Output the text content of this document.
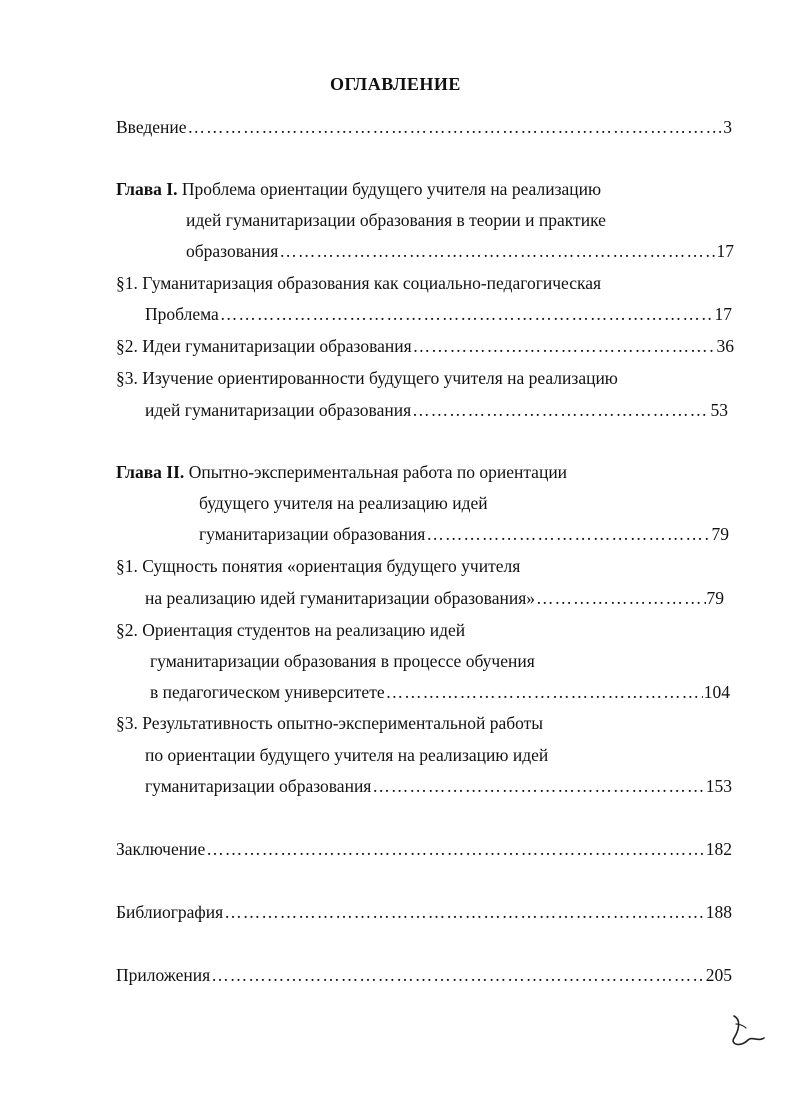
ОГЛАВЛЕНИЕ
Введение ……………………………………………………………………………………………………………………………………………	3
Глава I. Проблема ориентации будущего учителя на реализацию
идей гуманитаризации образования в теории и практике
образования ……………………………………………………………………………………………………………………………………………	17
§1. Гуманитаризация образования как социально-педагогическая
Проблема ……………………………………………………………………………………………………………………………………………	17
§2. Идеи гуманитаризации образования ……………………………………………………………………………………………………………………………………………	36
§3. Изучение ориентированности будущего учителя на реализацию
идей гуманитаризации образования ……………………………………………………………………………………………………………………………………………	53
Глава II. Опытно-экспериментальная работа по ориентации
будущего учителя на реализацию идей
гуманитаризации образования ……………………………………………………………………………………………………………………………………………	79
§1. Сущность понятия «ориентация будущего учителя
на реализацию идей гуманитаризации образования» ……………………………………………………………………………………………………………………………………………	79
§2. Ориентация студентов на реализацию идей
гуманитаризации образования в процессе обучения
в педагогическом университете ……………………………………………………………………………………………………………………………………………	104
§3. Результативность опытно-экспериментальной работы
по ориентации будущего учителя на реализацию идей
гуманитаризации образования ……………………………………………………………………………………………………………………………………………	153
Заключение ……………………………………………………………………………………………………………………………………………	182
Библиография ……………………………………………………………………………………………………………………………………………	188
Приложения ……………………………………………………………………………………………………………………………………………	205
